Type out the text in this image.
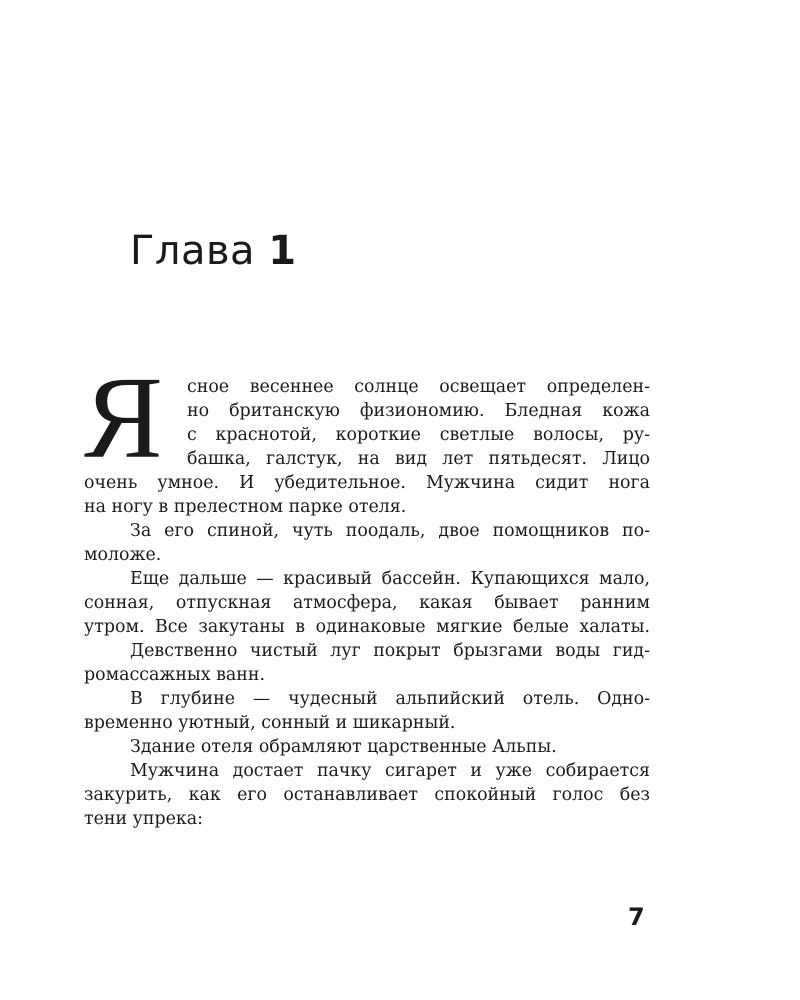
Глава 1
Я сное весеннее солнце освещает определен-
но британскую физиономию. Бледная кожа
с краснотой, короткие светлые волосы, ру-
башка, галстук, на вид лет пятьдесят. Лицо
очень умное. И убедительное. Мужчина сидит нога
на ногу в прелестном парке отеля.
За его спиной, чуть поодаль, двое помощников по-
моложе.
Еще дальше — красивый бассейн. Купающихся мало,
сонная, отпускная атмосфера, какая бывает ранним
утром. Все закутаны в одинаковые мягкие белые халаты.
Девственно чистый луг покрыт брызгами воды гид-
ромассажных ванн.
В глубине — чудесный альпийский отель. Одно-
временно уютный, сонный и шикарный.
Здание отеля обрамляют царственные Альпы.
Мужчина достает пачку сигарет и уже собирается
закурить, как его останавливает спокойный голос без
тени упрека:
7
